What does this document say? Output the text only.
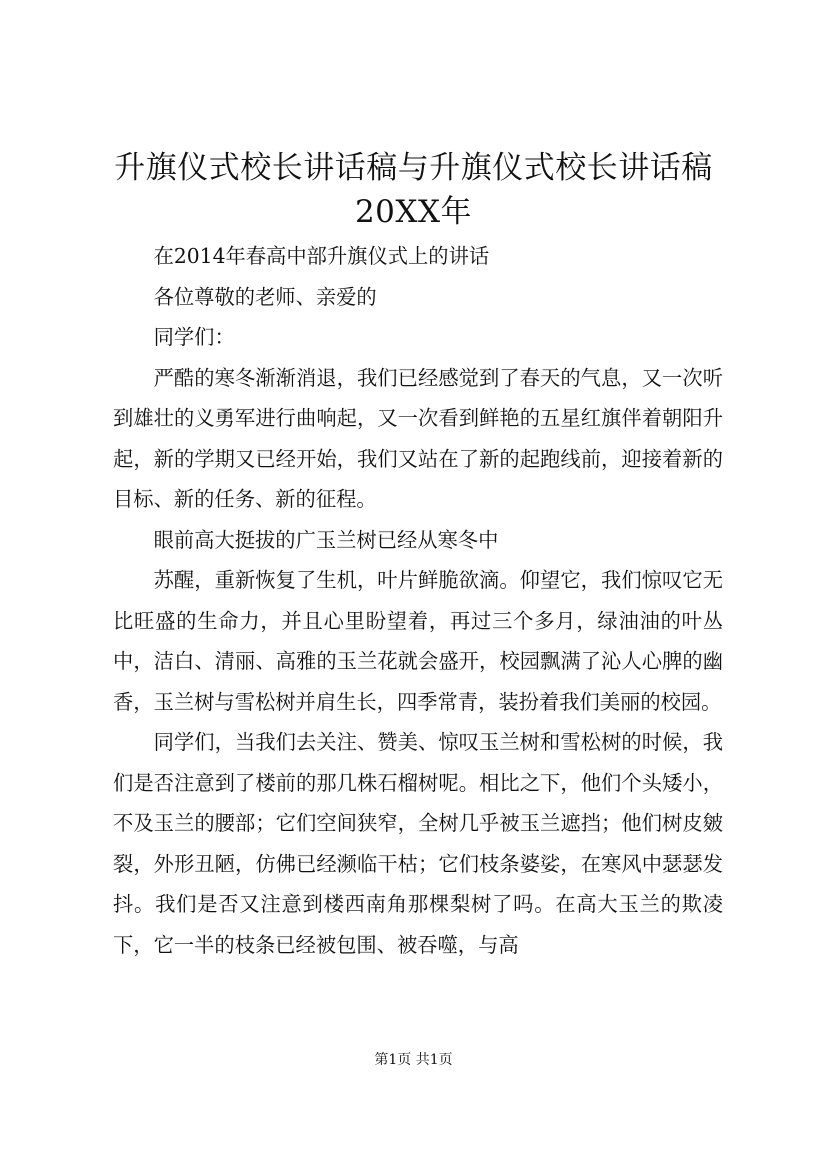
升旗仪式校长讲话稿与升旗仪式校长讲话稿
20XX年

在2014年春高中部升旗仪式上的讲话

各位尊敬的老师、亲爱的

同学们：

严酷的寒冬渐渐消退，我们已经感觉到了春天的气息，又一次听到雄壮的义勇军进行曲响起，又一次看到鲜艳的五星红旗伴着朝阳升起，新的学期又已经开始，我们又站在了新的起跑线前，迎接着新的目标、新的任务、新的征程。

眼前高大挺拔的广玉兰树已经从寒冬中

苏醒，重新恢复了生机，叶片鲜脆欲滴。仰望它，我们惊叹它无比旺盛的生命力，并且心里盼望着，再过三个多月，绿油油的叶丛中，洁白、清丽、高雅的玉兰花就会盛开，校园飘满了沁人心脾的幽香，玉兰树与雪松树并肩生长，四季常青，装扮着我们美丽的校园。

同学们，当我们去关注、赞美、惊叹玉兰树和雪松树的时候，我们是否注意到了楼前的那几株石榴树呢。相比之下，他们个头矮小，不及玉兰的腰部；它们空间狭窄，全树几乎被玉兰遮挡；他们树皮皴裂，外形丑陋，仿佛已经濒临干枯；它们枝条婆娑，在寒风中瑟瑟发抖。我们是否又注意到楼西南角那棵梨树了吗。在高大玉兰的欺凌下，它一半的枝条已经被包围、被吞噬，与高

第1页 共1页
